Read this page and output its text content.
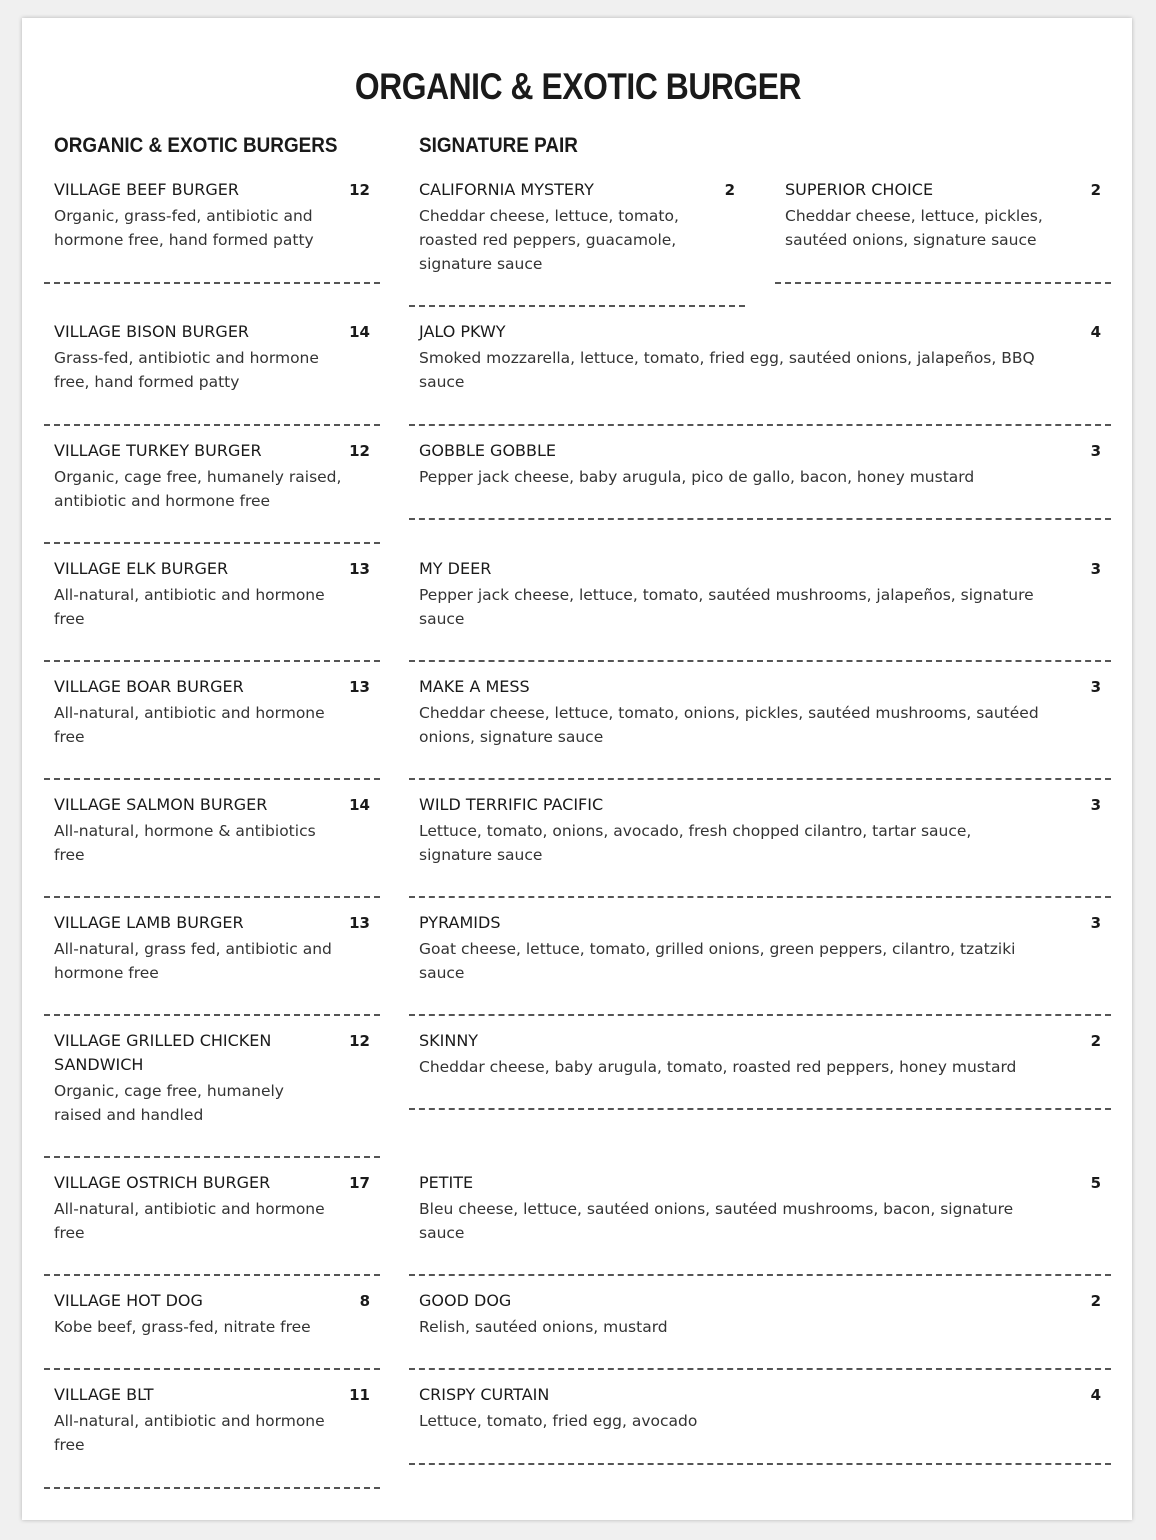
ORGANIC & EXOTIC BURGER
ORGANIC & EXOTIC BURGERS	SIGNATURE PAIR
VILLAGE BEEF BURGER	12
Organic, grass-fed, antibiotic and hormone free, hand formed patty
VILLAGE BISON BURGER	14
Grass-fed, antibiotic and hormone free, hand formed patty
VILLAGE TURKEY BURGER	12
Organic, cage free, humanely raised, antibiotic and hormone free
VILLAGE ELK BURGER	13
All-natural, antibiotic and hormone free
VILLAGE BOAR BURGER	13
All-natural, antibiotic and hormone free
VILLAGE SALMON BURGER	14
All-natural, hormone & antibiotics free
VILLAGE LAMB BURGER	13
All-natural, grass fed, antibiotic and hormone free
VILLAGE GRILLED CHICKEN SANDWICH
12
Organic, cage free, humanely raised and handled
VILLAGE OSTRICH BURGER	17
All-natural, antibiotic and hormone free
VILLAGE HOT DOG	8
Kobe beef, grass-fed, nitrate free
VILLAGE BLT	11
All-natural, antibiotic and hormone free
CALIFORNIA MYSTERY	2
Cheddar cheese, lettuce, tomato, roasted red peppers, guacamole, signature sauce
SUPERIOR CHOICE	2
Cheddar cheese, lettuce, pickles, sautéed onions, signature sauce
JALO PKWY	4
Smoked mozzarella, lettuce, tomato, fried egg, sautéed onions, jalapeños, BBQ sauce
GOBBLE GOBBLE	3
Pepper jack cheese, baby arugula, pico de gallo, bacon, honey mustard
MY DEER	3
Pepper jack cheese, lettuce, tomato, sautéed mushrooms, jalapeños, signature sauce
MAKE A MESS	3
Cheddar cheese, lettuce, tomato, onions, pickles, sautéed mushrooms, sautéed onions, signature sauce
WILD TERRIFIC PACIFIC	3
Lettuce, tomato, onions, avocado, fresh chopped cilantro, tartar sauce, signature sauce
PYRAMIDS	3
Goat cheese, lettuce, tomato, grilled onions, green peppers, cilantro, tzatziki sauce
SKINNY	2
Cheddar cheese, baby arugula, tomato, roasted red peppers, honey mustard
PETITE	5
Bleu cheese, lettuce, sautéed onions, sautéed mushrooms, bacon, signature sauce
GOOD DOG	2
Relish, sautéed onions, mustard
CRISPY CURTAIN	4
Lettuce, tomato, fried egg, avocado
